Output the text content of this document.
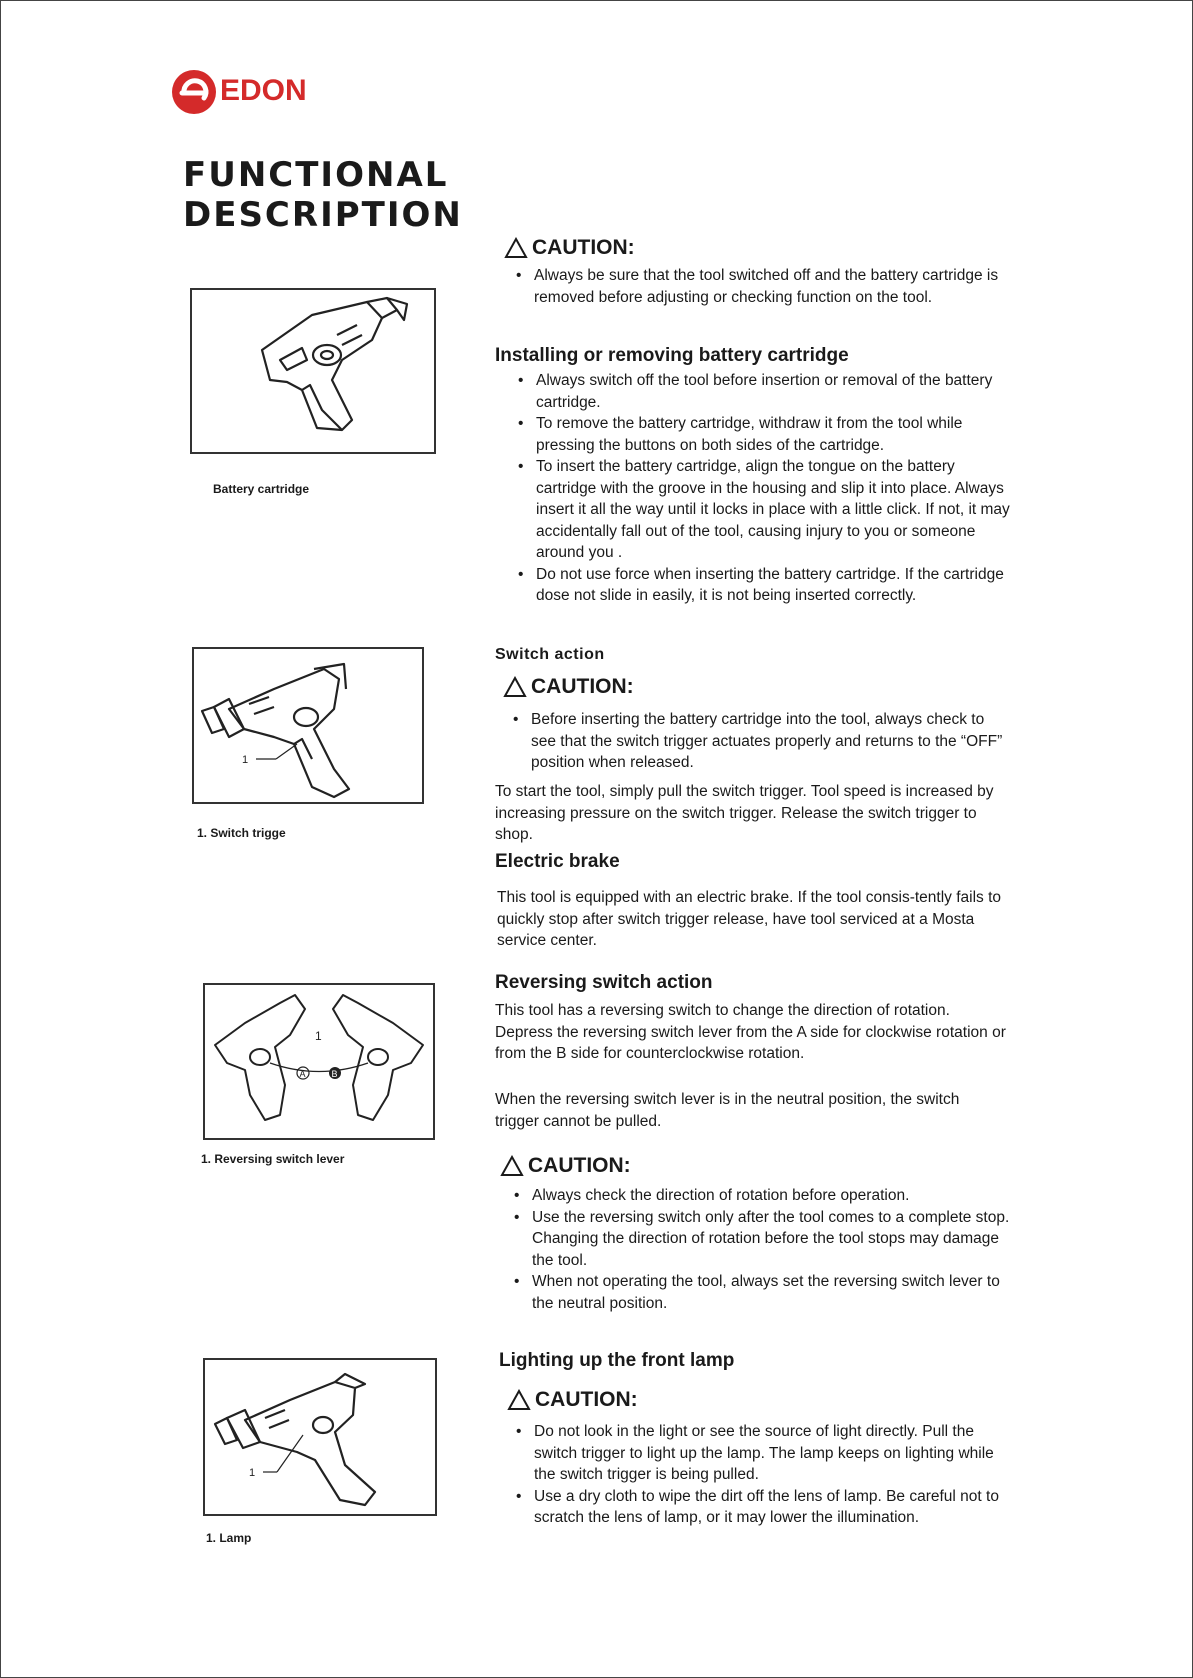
EDON
FUNCTIONAL
DESCRIPTION
Battery cartridge
1
1. Switch trigge
1
A	B
1. Reversing switch lever
1
1. Lamp
CAUTION:
• Always be sure that the tool switched off and the battery cartridge is removed before adjusting or checking function on the tool.
Installing or removing battery cartridge
• Always switch off the tool before insertion or removal of the battery cartridge.
• To remove the battery cartridge, withdraw it from the tool while pressing the buttons on both sides of the cartridge.
• To insert the battery cartridge, align the tongue on the battery cartridge with the groove in the housing and slip it into place. Always insert it all the way until it locks in place with a little click. If not, it may accidentally fall out of the tool, causing injury to you or someone around you .
• Do not use force when inserting the battery cartridge. If the cartridge dose not slide in easily, it is not being inserted correctly.
Switch action
CAUTION:
• Before inserting the battery cartridge into the tool, always check to see that the switch trigger actuates properly and returns to the “OFF” position when released.
To start the tool, simply pull the switch trigger. Tool speed is increased by increasing pressure on the switch trigger. Release the switch trigger to shop.
Electric brake
This tool is equipped with an electric brake. If the tool consis-tently fails to quickly stop after switch trigger release, have tool serviced at a Mosta service center.
Reversing switch action
This tool has a reversing switch to change the direction of rotation. Depress the reversing switch lever from the A side for clockwise rotation or from the B side for counterclockwise rotation.
When the reversing switch lever is in the neutral position, the switch trigger cannot be pulled.
CAUTION:
• Always check the direction of rotation before operation.
• Use the reversing switch only after the tool comes to a complete stop. Changing the direction of rotation before the tool stops may damage the tool.
• When not operating the tool, always set the reversing switch lever to the neutral position.
Lighting up the front lamp
CAUTION:
• Do not look in the light or see the source of light directly. Pull the switch trigger to light up the lamp. The lamp keeps on lighting while the switch trigger is being pulled.
• Use a dry cloth to wipe the dirt off the lens of lamp. Be careful not to scratch the lens of lamp, or it may lower the illumination.
